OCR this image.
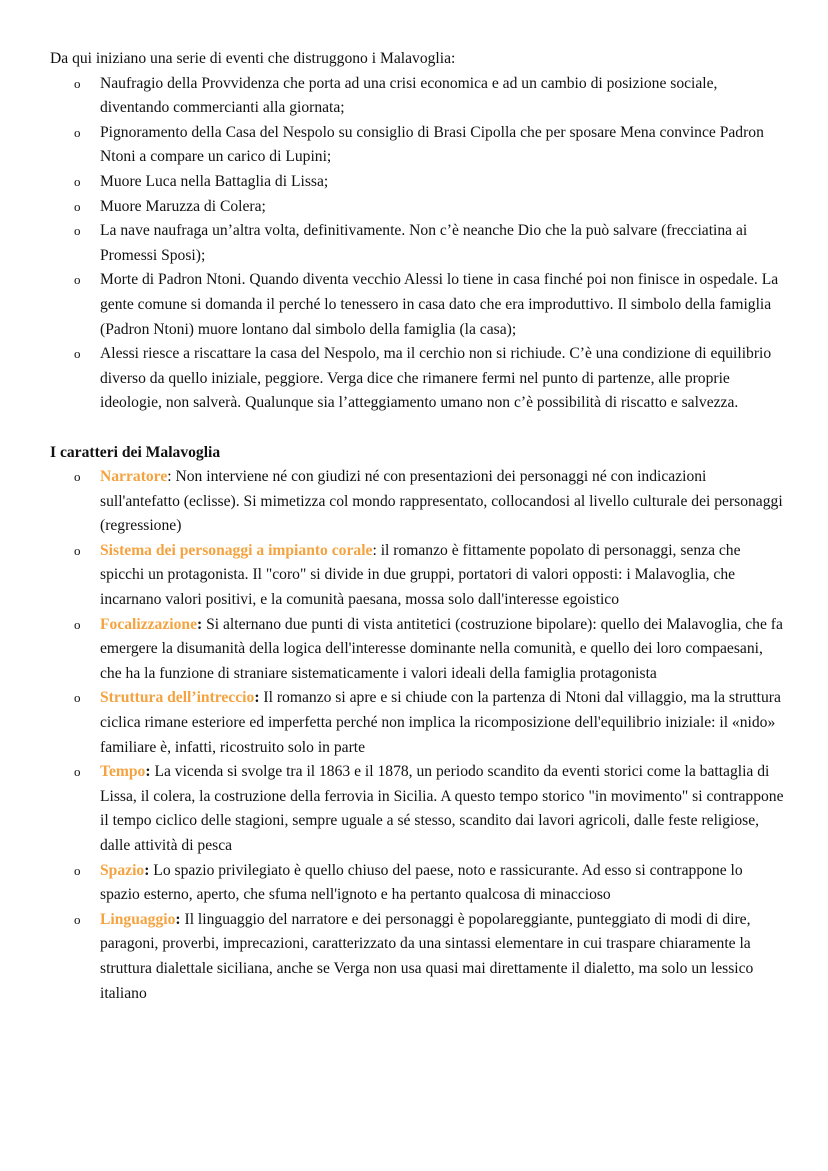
Da qui iniziano una serie di eventi che distruggono i Malavoglia:

o Naufragio della Provvidenza che porta ad una crisi economica e ad un cambio di posizione sociale, diventando commercianti alla giornata;
o Pignoramento della Casa del Nespolo su consiglio di Brasi Cipolla che per sposare Mena convince Padron Ntoni a compare un carico di Lupini;
o Muore Luca nella Battaglia di Lissa;
o Muore Maruzza di Colera;
o La nave naufraga un’altra volta, definitivamente. Non c’è neanche Dio che la può salvare (frecciatina ai Promessi Sposi);
o Morte di Padron Ntoni. Quando diventa vecchio Alessi lo tiene in casa finché poi non finisce in ospedale. La gente comune si domanda il perché lo tenessero in casa dato che era improduttivo. Il simbolo della famiglia (Padron Ntoni) muore lontano dal simbolo della famiglia (la casa);
o Alessi riesce a riscattare la casa del Nespolo, ma il cerchio non si richiude. C’è una condizione di equilibrio diverso da quello iniziale, peggiore. Verga dice che rimanere fermi nel punto di partenze, alle proprie ideologie, non salverà. Qualunque sia l’atteggiamento umano non c’è possibilità di riscatto e salvezza.

I caratteri dei Malavoglia

o Narratore: Non interviene né con giudizi né con presentazioni dei personaggi né con indicazioni sull'antefatto (eclisse). Si mimetizza col mondo rappresentato, collocandosi al livello culturale dei personaggi (regressione)
o Sistema dei personaggi a impianto corale: il romanzo è fittamente popolato di personaggi, senza che spicchi un protagonista. Il "coro" si divide in due gruppi, portatori di valori opposti: i Malavoglia, che incarnano valori positivi, e la comunità paesana, mossa solo dall'interesse egoistico
o Focalizzazione: Si alternano due punti di vista antitetici (costruzione bipolare): quello dei Malavoglia, che fa emergere la disumanità della logica dell'interesse dominante nella comunità, e quello dei loro compaesani, che ha la funzione di straniare sistematicamente i valori ideali della famiglia protagonista
o Struttura dell’intreccio: Il romanzo si apre e si chiude con la partenza di Ntoni dal villaggio, ma la struttura ciclica rimane esteriore ed imperfetta perché non implica la ricomposizione dell'equilibrio iniziale: il «nido» familiare è, infatti, ricostruito solo in parte
o Tempo: La vicenda si svolge tra il 1863 e il 1878, un periodo scandito da eventi storici come la battaglia di Lissa, il colera, la costruzione della ferrovia in Sicilia. A questo tempo storico "in movimento" si contrappone il tempo ciclico delle stagioni, sempre uguale a sé stesso, scandito dai lavori agricoli, dalle feste religiose, dalle attività di pesca
o Spazio: Lo spazio privilegiato è quello chiuso del paese, noto e rassicurante. Ad esso si contrappone lo spazio esterno, aperto, che sfuma nell'ignoto e ha pertanto qualcosa di minaccioso
o Linguaggio: Il linguaggio del narratore e dei personaggi è popolareggiante, punteggiato di modi di dire, paragoni, proverbi, imprecazioni, caratterizzato da una sintassi elementare in cui traspare chiaramente la struttura dialettale siciliana, anche se Verga non usa quasi mai direttamente il dialetto, ma solo un lessico italiano
